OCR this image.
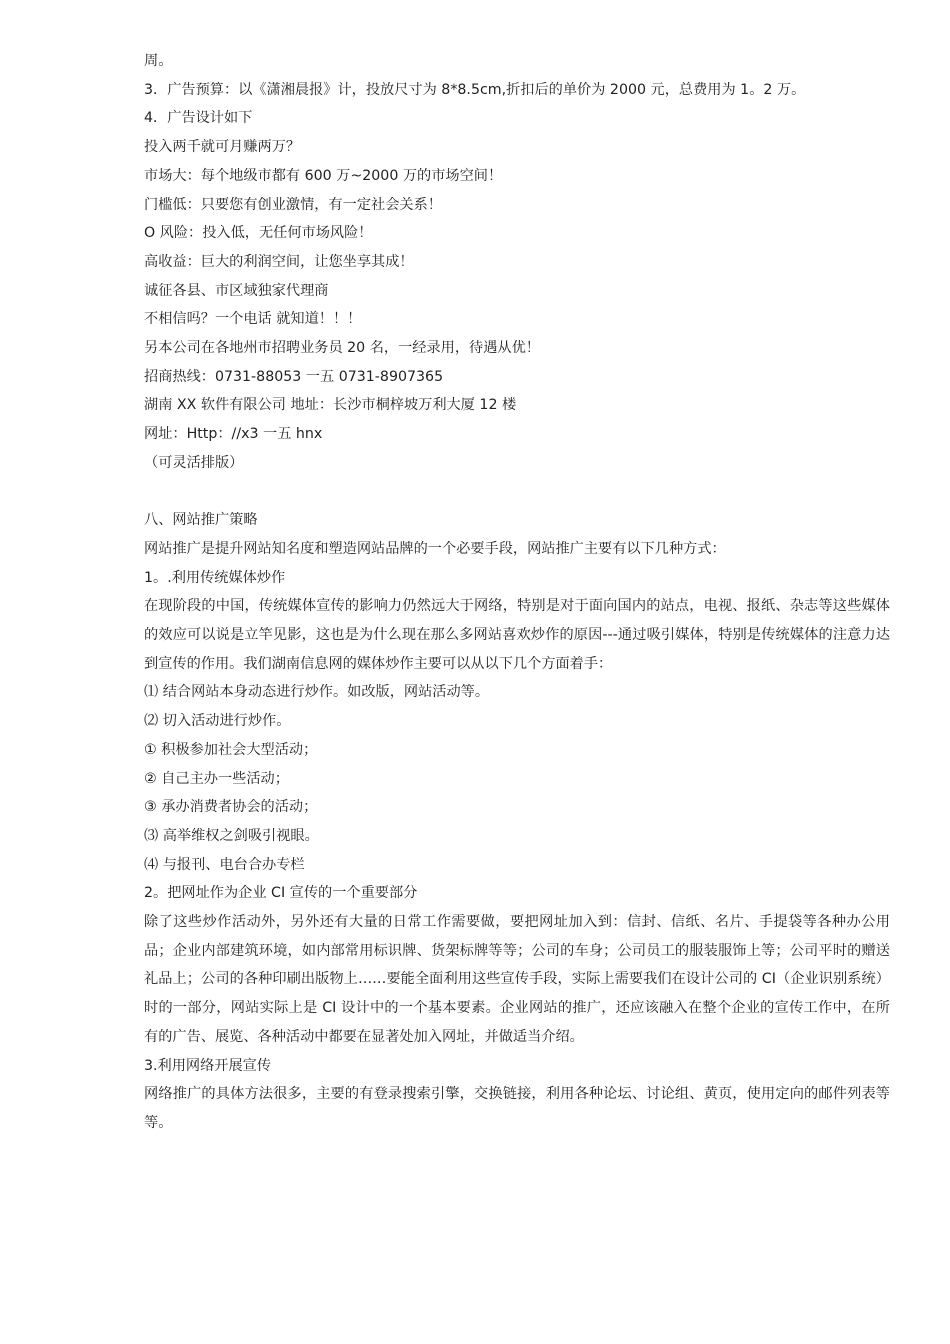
周。
3．广告预算：以《潇湘晨报》计，投放尺寸为 8*8.5cm,折扣后的单价为 2000 元，总费用为 1。2 万。
4．广告设计如下
投入两千就可月赚两万？
市场大：每个地级市都有 600 万~2000 万的市场空间！
门槛低：只要您有创业激情，有一定社会关系！
O 风险：投入低，无任何市场风险！
高收益：巨大的利润空间，让您坐享其成！
诚征各县、市区域独家代理商
不相信吗？一个电话 就知道！！！
另本公司在各地州市招聘业务员 20 名，一经录用，待遇从优！
招商热线：0731-88053 一五 0731-8907365
湖南 XX 软件有限公司 地址：长沙市桐梓坡万利大厦 12 楼
网址：Http：//x3 一五 hnx
（可灵活排版）
八、网站推广策略
网站推广是提升网站知名度和塑造网站品牌的一个必要手段，网站推广主要有以下几种方式：
1。.利用传统媒体炒作
在现阶段的中国，传统媒体宣传的影响力仍然远大于网络，特别是对于面向国内的站点，电视、报纸、杂志等这些媒体的效应可以说是立竿见影，这也是为什么现在那么多网站喜欢炒作的原因---通过吸引媒体，特别是传统媒体的注意力达到宣传的作用。我们湖南信息网的媒体炒作主要可以从以下几个方面着手：
⑴ 结合网站本身动态进行炒作。如改版，网站活动等。
⑵ 切入活动进行炒作。
① 积极参加社会大型活动；
② 自己主办一些活动；
③ 承办消费者协会的活动；
⑶ 高举维权之剑吸引视眼。
⑷ 与报刊、电台合办专栏
2。把网址作为企业 CI 宣传的一个重要部分
除了这些炒作活动外，另外还有大量的日常工作需要做，要把网址加入到：信封、信纸、名片、手提袋等各种办公用品；企业内部建筑环境，如内部常用标识牌、货架标牌等等；公司的车身；公司员工的服装服饰上等；公司平时的赠送礼品上；公司的各种印刷出版物上……要能全面利用这些宣传手段，实际上需要我们在设计公司的 CI（企业识别系统）时的一部分，网站实际上是 CI 设计中的一个基本要素。企业网站的推广，还应该融入在整个企业的宣传工作中，在所有的广告、展览、各种活动中都要在显著处加入网址，并做适当介绍。
3.利用网络开展宣传
网络推广的具体方法很多，主要的有登录搜索引擎，交换链接，利用各种论坛、讨论组、黄页，使用定向的邮件列表等等。
